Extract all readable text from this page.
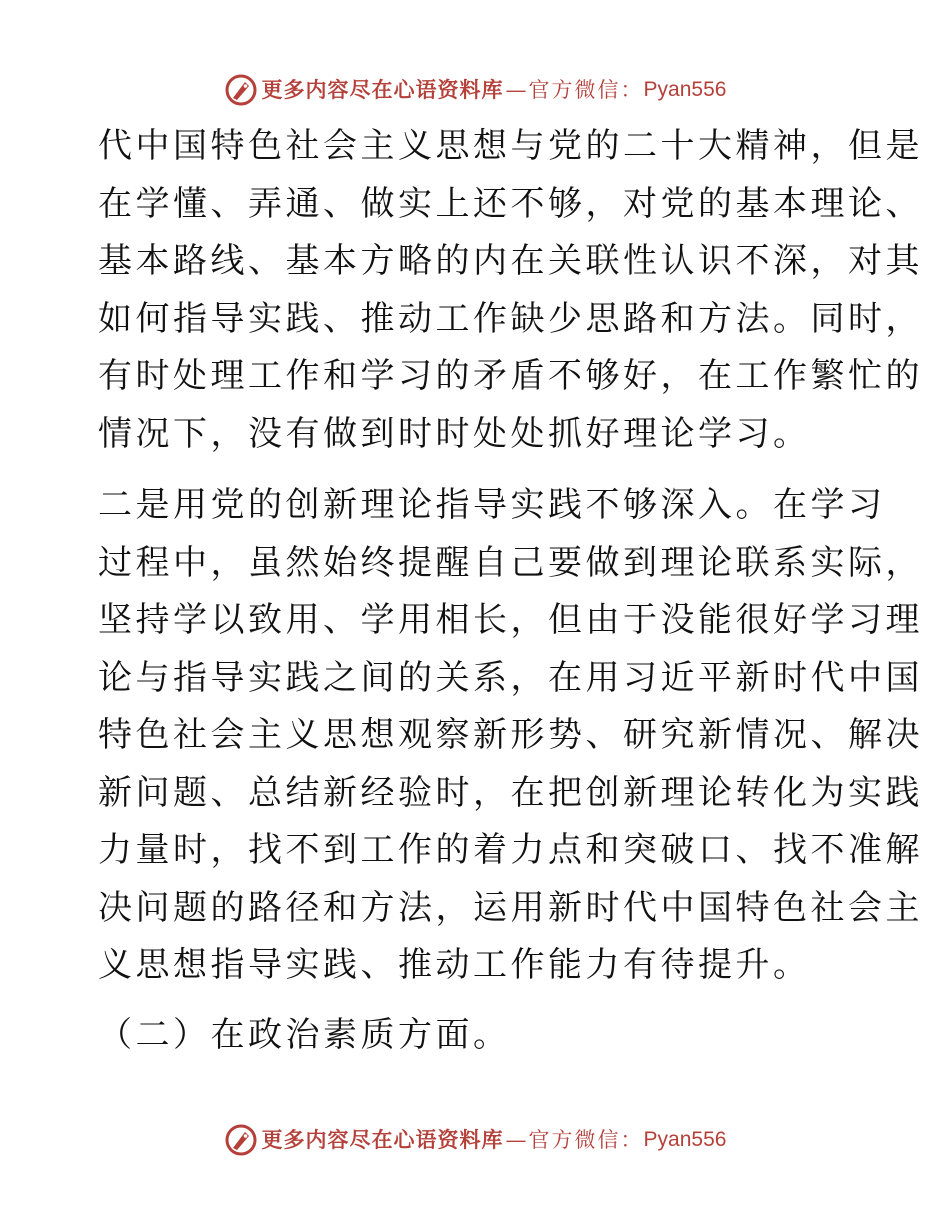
更多内容尽在心语资料库 — 官方微信： Pyan556

代中国特色社会主义思想与党的二十大精神，但是
在学懂、弄通、做实上还不够，对党的基本理论、
基本路线、基本方略的内在关联性认识不深，对其
如何指导实践、推动工作缺少思路和方法。同时，
有时处理工作和学习的矛盾不够好，在工作繁忙的
情况下，没有做到时时处处抓好理论学习。

二是用党的创新理论指导实践不够深入。在学习
过程中，虽然始终提醒自己要做到理论联系实际，
坚持学以致用、学用相长，但由于没能很好学习理
论与指导实践之间的关系，在用习近平新时代中国
特色社会主义思想观察新形势、研究新情况、解决
新问题、总结新经验时，在把创新理论转化为实践
力量时，找不到工作的着力点和突破口、找不准解
决问题的路径和方法，运用新时代中国特色社会主
义思想指导实践、推动工作能力有待提升。

（二）在政治素质方面。

更多内容尽在心语资料库 — 官方微信： Pyan556
